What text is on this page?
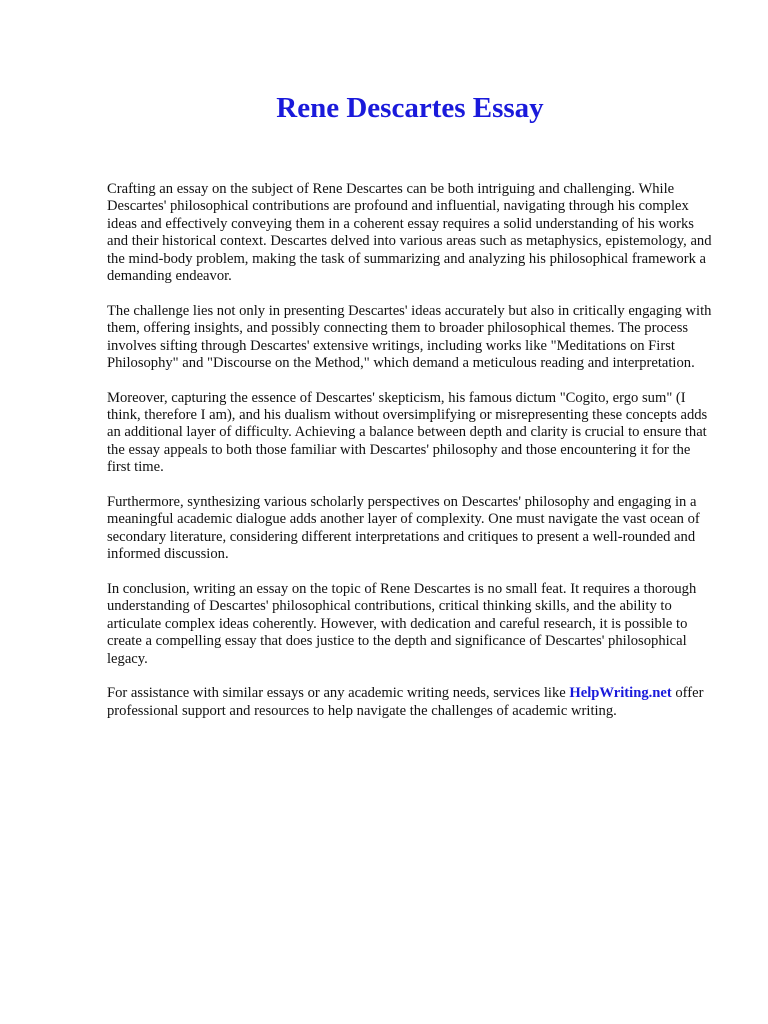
Rene Descartes Essay

Crafting an essay on the subject of Rene Descartes can be both intriguing and challenging. While Descartes' philosophical contributions are profound and influential, navigating through his complex ideas and effectively conveying them in a coherent essay requires a solid understanding of his works and their historical context. Descartes delved into various areas such as metaphysics, epistemology, and the mind-body problem, making the task of summarizing and analyzing his philosophical framework a demanding endeavor.

The challenge lies not only in presenting Descartes' ideas accurately but also in critically engaging with them, offering insights, and possibly connecting them to broader philosophical themes. The process involves sifting through Descartes' extensive writings, including works like "Meditations on First Philosophy" and "Discourse on the Method," which demand a meticulous reading and interpretation.

Moreover, capturing the essence of Descartes' skepticism, his famous dictum "Cogito, ergo sum" (I think, therefore I am), and his dualism without oversimplifying or misrepresenting these concepts adds an additional layer of difficulty. Achieving a balance between depth and clarity is crucial to ensure that the essay appeals to both those familiar with Descartes' philosophy and those encountering it for the first time.

Furthermore, synthesizing various scholarly perspectives on Descartes' philosophy and engaging in a meaningful academic dialogue adds another layer of complexity. One must navigate the vast ocean of secondary literature, considering different interpretations and critiques to present a well-rounded and informed discussion.

In conclusion, writing an essay on the topic of Rene Descartes is no small feat. It requires a thorough understanding of Descartes' philosophical contributions, critical thinking skills, and the ability to articulate complex ideas coherently. However, with dedication and careful research, it is possible to create a compelling essay that does justice to the depth and significance of Descartes' philosophical legacy.

For assistance with similar essays or any academic writing needs, services like HelpWriting.net offer professional support and resources to help navigate the challenges of academic writing.
